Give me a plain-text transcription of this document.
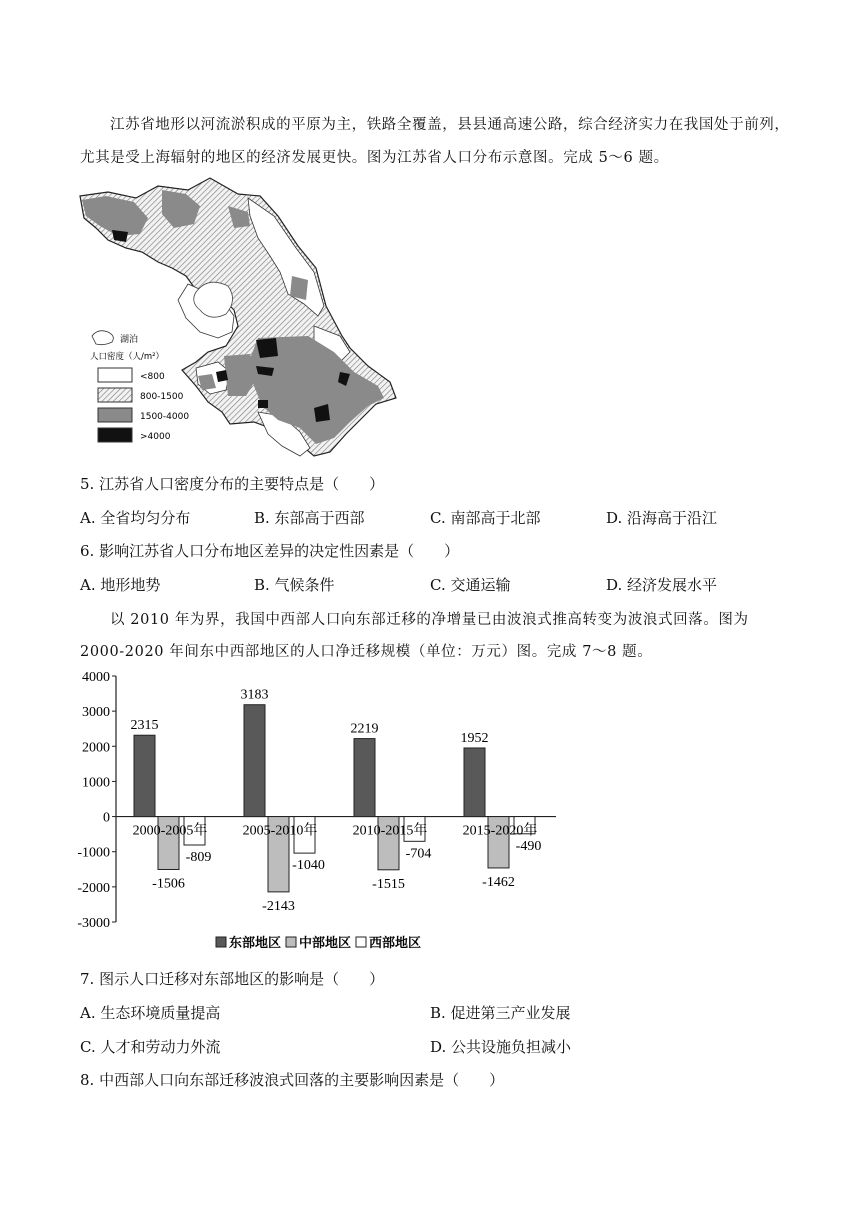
江苏省地形以河流淤积成的平原为主，铁路全覆盖，县县通高速公路，综合经济实力在我国处于前列，
尤其是受上海辐射的地区的经济发展更快。图为江苏省人口分布示意图。完成 5～6 题。
湖泊
人口密度（人/m²）
<800
800-1500
1500-4000
>4000
5. 江苏省人口密度分布的主要特点是（　　）
A. 全省均匀分布	B. 东部高于西部	C. 南部高于北部	D. 沿海高于沿江
6. 影响江苏省人口分布地区差异的决定性因素是（　　）
A. 地形地势	B. 气候条件	C. 交通运输	D. 经济发展水平
以 2010 年为界，我国中西部人口向东部迁移的净增量已由波浪式推高转变为波浪式回落。图为
2000-2020 年间东中西部地区的人口净迁移规模（单位：万元）图。完成 7～8 题。
4000
3000
2000
1000
0
-1000
-2000
-3000
2315
-1506
-809
2000-2005年
3183
-2143
-1040
2005-2010年
2219
-1515
-704
2010-2015年
1952
-1462
-490
2015-2020年
东部地区 中部地区 西部地区
7. 图示人口迁移对东部地区的影响是（　　）
A. 生态环境质量提高	B. 促进第三产业发展
C. 人才和劳动力外流	D. 公共设施负担减小
8. 中西部人口向东部迁移波浪式回落的主要影响因素是（　　）
